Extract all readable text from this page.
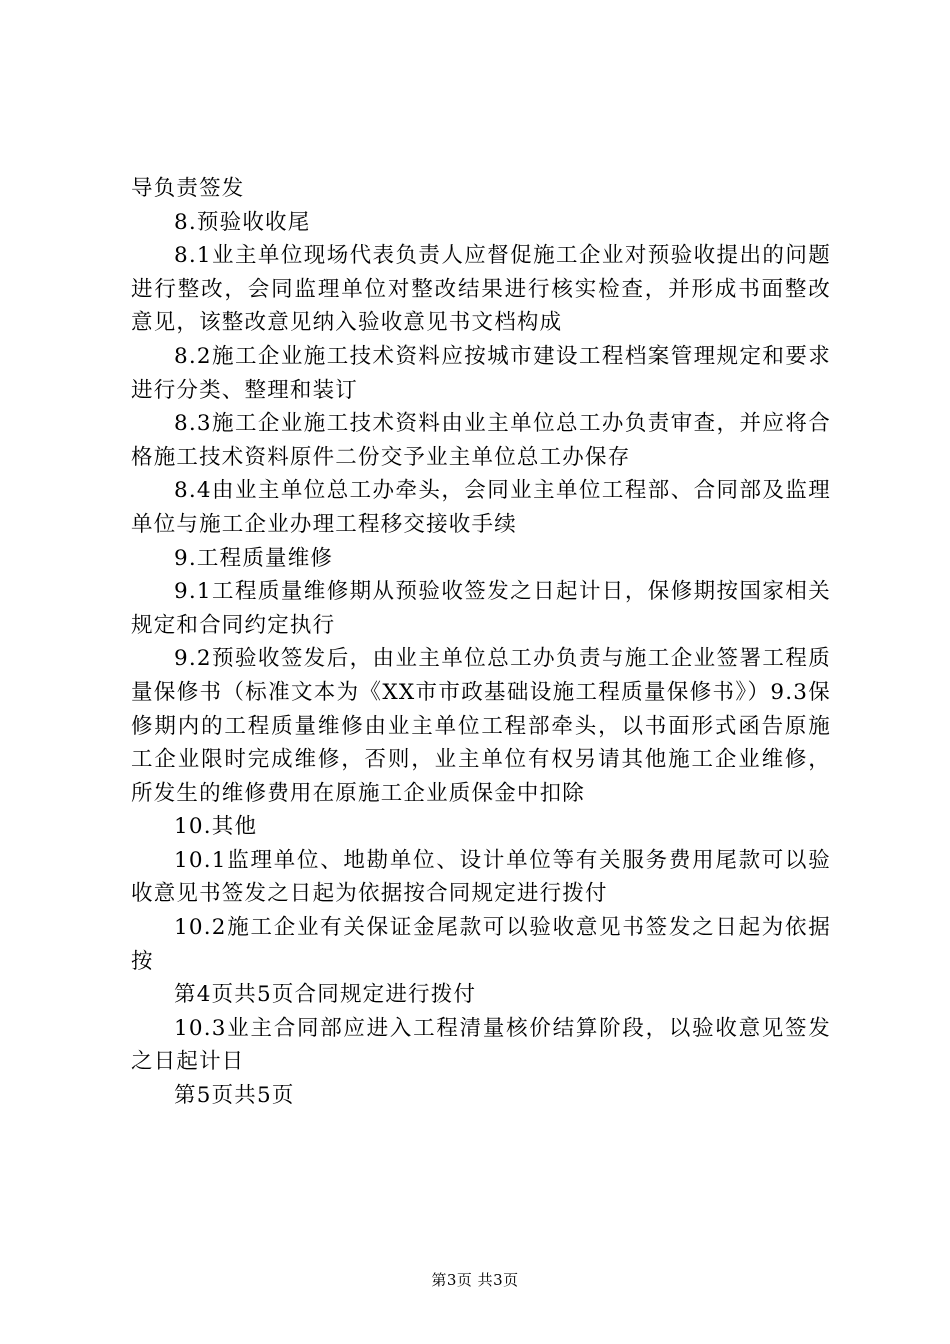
导负责签发

8.预验收收尾

8.1业主单位现场代表负责人应督促施工企业对预验收提出的问题进行整改，会同监理单位对整改结果进行核实检查，并形成书面整改意见，该整改意见纳入验收意见书文档构成

8.2施工企业施工技术资料应按城市建设工程档案管理规定和要求进行分类、整理和装订

8.3施工企业施工技术资料由业主单位总工办负责审查，并应将合格施工技术资料原件二份交予业主单位总工办保存

8.4由业主单位总工办牵头，会同业主单位工程部、合同部及监理单位与施工企业办理工程移交接收手续

9.工程质量维修

9.1工程质量维修期从预验收签发之日起计日，保修期按国家相关规定和合同约定执行

9.2预验收签发后，由业主单位总工办负责与施工企业签署工程质量保修书（标准文本为《XX市市政基础设施工程质量保修书》）9.3保修期内的工程质量维修由业主单位工程部牵头，以书面形式函告原施工企业限时完成维修，否则，业主单位有权另请其他施工企业维修，所发生的维修费用在原施工企业质保金中扣除

10.其他

10.1监理单位、地勘单位、设计单位等有关服务费用尾款可以验收意见书签发之日起为依据按合同规定进行拨付

10.2施工企业有关保证金尾款可以验收意见书签发之日起为依据按

第4页共5页合同规定进行拨付

10.3业主合同部应进入工程清量核价结算阶段，以验收意见签发之日起计日

第5页共5页

第3页 共3页
